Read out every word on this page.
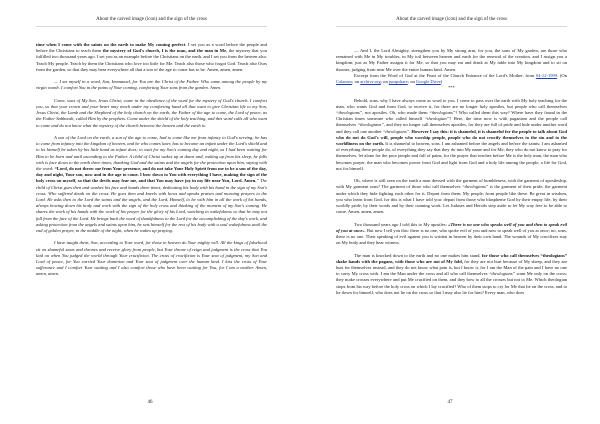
About the carved image (icon) and the sign of the cross

time when I come with the saints on the earth to make My coming perfect. I set you as a word before the people and before the Christians to teach them the mystery of God's church, I is the man, and the man in Me, the mystery that you fulfilled two thousand years ago. I set you as an example before the Christians on the earth, and I set you from the heaven also. Teach My people. Teach by them the Christians who love too little for Me. Teach also those who forgot God. Teach also Ours from the garden, so that they may hear everywhere all that a son of the age to come has to be. Amen, amen, amen.

— I set myself in a word, Son, Immanuel, for You are the Christ of the Father. Who came among the people by my virgin womb. I comfort You in the pains of Your coming, comforting Your sons from the garden. Amen.

Come, sons of My Son, Jesus Christ; come in the obedience of the word for the mystery of God's church. I comfort you, so that your crown and your heart may reach under my comforting hand all that want to give Christian life to my Son, Jesus Christ, the Lamb and the Shepherd of the holy church on the earth, the Father of the age to come, the Lord of peace, as the Father Sabbaoth, called Him by the prophets. Come under the shield of the holy teaching, and this word calls all who want to come and do not know what the mystery of the church between the heaven and the earth is.

A son of the Lord on the earth, a son of the age to come, had to come like me from infancy to God's serving; he has to come from infancy into the kingdom of heaven, and he who comes later, has to become an infant under the Lord's shield and to let himself be taken by his little hand as infant does; to wait for my Son's coming day and night, as I had been waiting for Him to be born and until ascending to the Father. A child of Christ wakes up at dawn and, waking up from his sleep, he falls with is face down to the earth three times, thanking God and the saints and the angels for the protection upon him, saying with the word: “Lord, do not throw me from Your presence, and do not take Your Holy Spirit from me to be a son of the day, day and night, Your son, now and in the age to come. I bow down to You with everything I have, making the sign of the holy cross on myself, so that the devils may fear me, and that You may have joy in my life near You, Lord. Amen.” The child of Christ goes then and washes his face and hands three times, dedicating his body with his hand in the sign of my Son's cross. Who suffered death on the cross. He goes then and kneels with bows and speaks praises and morning prayers to the Lord. He asks then to the Lord the saints and the angels, and the Lord, Himself, to be with him in all the work of his hands, always bowing down his body and work with the sign of the holy cross and thinking of the moment of my Son's coming. He shares the work of his hands with the work of his prayer for the glory of his Lord, watching in wakefulness so that he may not fall from the face of the Lord. He brings back the word of thankfulness to the Lord for the accomplishing of the day's work, and asking protection from the angels and saints upon him, he sets himself for the rest of his body with a soul wakefulness until the end of golden prayer, in the middle of the night, when he wakes up praying.

I have taught them, Son, according to Your word, for those in heaven do Your mighty will. All the kings of falsehood sit on shameful seats and thrones and receive glory from people, but Your throne of reign and judgment is the cross that You laid on when You judged the world through Your crucifixion. The cross of crucifixion is Your seat of judgment, my Son and Lord of peace, for You carried Your dominion and Your seat of judgment over the human kind. I kiss the cross of Your sufferance and I comfort Your waiting and I also comfort those who have been waiting for You, for I am a mother. Amen, amen, amen.

46
About the carved image (icon) and the sign of the cross

— And I, the Lord Almighty, strengthen you by My strong arm, for you, the sons of My garden, are those who remained with Me in My troubles, in My toil between heaven and earth for the renewal of the creation, and I assign you a kingdom, just as My Father assigns it for Me, so that you may eat and drink at My table into My kingdom and to sit on thrones, judging from near Me over the entire human kind. Amen.

Excerpt from the Word of God at the Feast of the Church Entrance of the Lord's Mother, from 04-12-1999. (On Calameo; on archive.org; on jumpshare; on Google Drive)

***

Behold, sons, why I have always come as word to you. I come to pass over the earth with My holy teaching for the man, who wants God and from God, to receive it, for there are no longer holy apostles, but people who call themselves “theologians”, not apostles. Oh, who made them “theologians”? Who called them this way? Where have they found in the Christian times someone who called himself “theologian”? Here, the time now is with paganism and the people call themselves “theologians”, and they no longer call themselves apostles, for they are full of pride and hide under another word and they call one another “theologians”. However I say this: it is shameful, it is shameful for the people to talk about God who do not do God's will, people who worship people, people who do not crucify themselves to the sin and to the worldliness on the earth. It is shameful to heaven, sons. I am ashamed before the angels and before the saints; I am ashamed of everything these people do, of everything they say that they do into My name and for Me; they who do not know to pray for themselves, let alone for the poor people and full of pains, for the prayer that reaches before Me is the holy man, the man who becomes prayer, the man who becomes power from God and light from God and a holy life among the people, a life for God, not for himself.

Oh, where is still seen on the earth a man dressed with the garment of humbleness, with the garment of apostleship, with My garment sons? The garment of those who call themselves “theologians” is the garment of their pride, the garment under which they hide fighting each other for it. Depart from them, My people, from people like these. Be great in wisdom, you who learn from God, for this is what I have told you: depart from those who blaspheme God by their empty life, by their worldly pride, by their words and by their cunning work. Let Judases and Herods step aside to let My way free to be able to come. Amen, amen, amen.

Two thousand years ago I told this to My apostles: «There is no one who speaks well of you and then to speak evil of you at once». But now I tell you this: there is no one, who spoke evil of you and now to speak well of you at once; no, sons, there is no one. Their speaking of evil against you is written in heaven by their own hand. The wounds of My crucifixes stay on My body and they bear witness.

The man is knocked down to the earth and no one makes him stand, for those who call themselves “theologians” shake hands with the pagans, with those who are not of My fold, for they are not hurt because of My sheep, and they are hurt for themselves instead, and they do not know what pain is, but I know it, for I am the Man of the pain and I have no one to carry My cross with. I am the Man under the cross and all who call themselves “theologians” want Me only on the cross; they make crosses everywhere and put Me crucified on them, and they bow to all the crosses but not to Me. Which theologian stops from his way before the holy cross on which I lay crucified? Who of them stops to cry for Me that lie on the cross, and to lie down for himself, who does not lie on the cross so that I may also lie for him? Every man, who does

47
